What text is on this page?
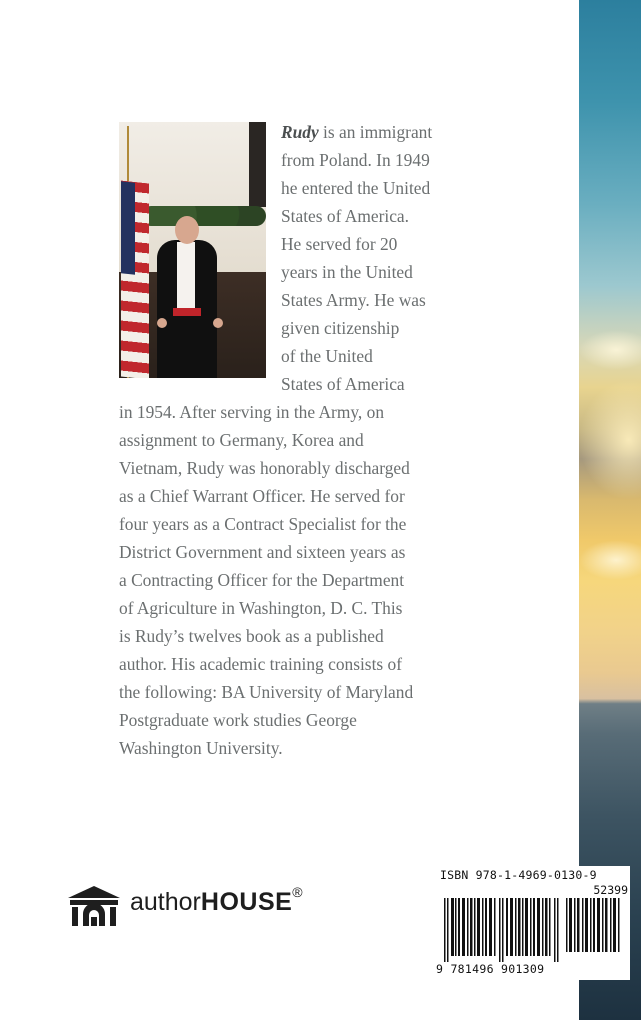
Rudy is an immigrant
from Poland. In 1949
he entered the United
States of America.
He served for 20
years in the United
States Army. He was
given citizenship
of the United
States of America
in 1954. After serving in the Army, on
assignment to Germany, Korea and
Vietnam, Rudy was honorably discharged
as a Chief Warrant Officer. He served for
four years as a Contract Specialist for the
District Government and sixteen years as
a Contracting Officer for the Department
of Agriculture in Washington, D. C. This
is Rudy’s twelves book as a published
author. His academic training consists of
the following: BA University of Maryland
Postgraduate work studies George
Washington University.
authorHOUSE®
ISBN 978-1-4969-0130-9
52399
9 781496 901309
